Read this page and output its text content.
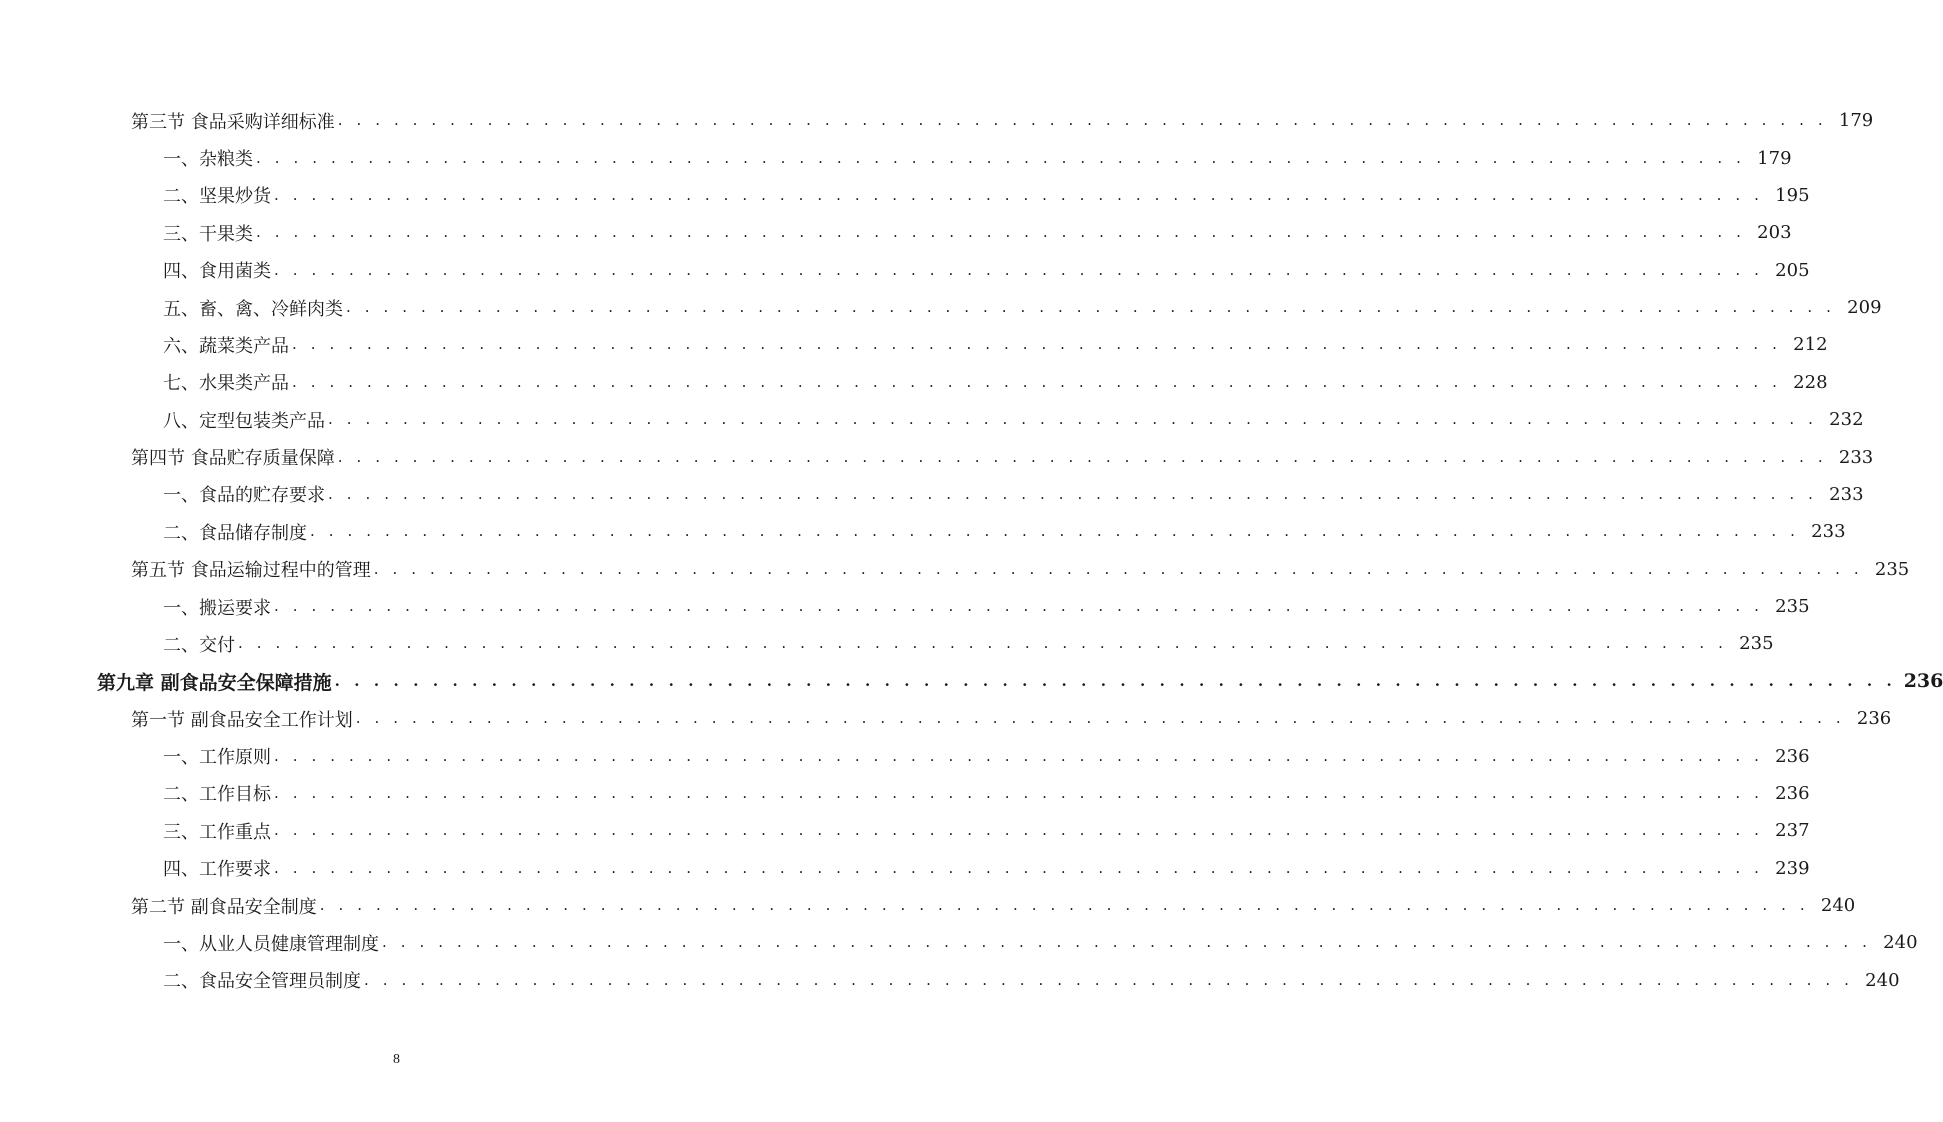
第三节 食品采购详细标准 . . . . . . . . . . . . . . . . . . . . . . . . . . . . . . . . . . . . . . . . . . . . . . . . . . . . . . . . . . . . . . . . . . . . . . . . . . . . . . . . 179
一、杂粮类 . . . . . . . . . . . . . . . . . . . . . . . . . . . . . . . . . . . . . . . . . . . . . . . . . . . . . . . . . . . . . . . . . . . . . . . . . . . . . . . . 179
二、坚果炒货 . . . . . . . . . . . . . . . . . . . . . . . . . . . . . . . . . . . . . . . . . . . . . . . . . . . . . . . . . . . . . . . . . . . . . . . . . . . . . . . . 195
三、干果类 . . . . . . . . . . . . . . . . . . . . . . . . . . . . . . . . . . . . . . . . . . . . . . . . . . . . . . . . . . . . . . . . . . . . . . . . . . . . . . . . 203
四、食用菌类 . . . . . . . . . . . . . . . . . . . . . . . . . . . . . . . . . . . . . . . . . . . . . . . . . . . . . . . . . . . . . . . . . . . . . . . . . . . . . . . . 205
五、畜、禽、冷鲜肉类 . . . . . . . . . . . . . . . . . . . . . . . . . . . . . . . . . . . . . . . . . . . . . . . . . . . . . . . . . . . . . . . . . . . . . . . . . . . . . . . . 209
六、蔬菜类产品 . . . . . . . . . . . . . . . . . . . . . . . . . . . . . . . . . . . . . . . . . . . . . . . . . . . . . . . . . . . . . . . . . . . . . . . . . . . . . . . . 212
七、水果类产品 . . . . . . . . . . . . . . . . . . . . . . . . . . . . . . . . . . . . . . . . . . . . . . . . . . . . . . . . . . . . . . . . . . . . . . . . . . . . . . . . 228
八、定型包装类产品 . . . . . . . . . . . . . . . . . . . . . . . . . . . . . . . . . . . . . . . . . . . . . . . . . . . . . . . . . . . . . . . . . . . . . . . . . . . . . . . . 232
第四节 食品贮存质量保障 . . . . . . . . . . . . . . . . . . . . . . . . . . . . . . . . . . . . . . . . . . . . . . . . . . . . . . . . . . . . . . . . . . . . . . . . . . . . . . . . 233
一、食品的贮存要求 . . . . . . . . . . . . . . . . . . . . . . . . . . . . . . . . . . . . . . . . . . . . . . . . . . . . . . . . . . . . . . . . . . . . . . . . . . . . . . . . 233
二、食品储存制度 . . . . . . . . . . . . . . . . . . . . . . . . . . . . . . . . . . . . . . . . . . . . . . . . . . . . . . . . . . . . . . . . . . . . . . . . . . . . . . . . 233
第五节 食品运输过程中的管理 . . . . . . . . . . . . . . . . . . . . . . . . . . . . . . . . . . . . . . . . . . . . . . . . . . . . . . . . . . . . . . . . . . . . . . . . . . . . . . . . 235
一、搬运要求 . . . . . . . . . . . . . . . . . . . . . . . . . . . . . . . . . . . . . . . . . . . . . . . . . . . . . . . . . . . . . . . . . . . . . . . . . . . . . . . . 235
二、交付 . . . . . . . . . . . . . . . . . . . . . . . . . . . . . . . . . . . . . . . . . . . . . . . . . . . . . . . . . . . . . . . . . . . . . . . . . . . . . . . . 235
第九章 副食品安全保障措施 . . . . . . . . . . . . . . . . . . . . . . . . . . . . . . . . . . . . . . . . . . . . . . . . . . . . . . . . . . . . . . . . . . . . . . . . . . . . . . . . 236
第一节 副食品安全工作计划 . . . . . . . . . . . . . . . . . . . . . . . . . . . . . . . . . . . . . . . . . . . . . . . . . . . . . . . . . . . . . . . . . . . . . . . . . . . . . . . . 236
一、工作原则 . . . . . . . . . . . . . . . . . . . . . . . . . . . . . . . . . . . . . . . . . . . . . . . . . . . . . . . . . . . . . . . . . . . . . . . . . . . . . . . . 236
二、工作目标 . . . . . . . . . . . . . . . . . . . . . . . . . . . . . . . . . . . . . . . . . . . . . . . . . . . . . . . . . . . . . . . . . . . . . . . . . . . . . . . . 236
三、工作重点 . . . . . . . . . . . . . . . . . . . . . . . . . . . . . . . . . . . . . . . . . . . . . . . . . . . . . . . . . . . . . . . . . . . . . . . . . . . . . . . . 237
四、工作要求 . . . . . . . . . . . . . . . . . . . . . . . . . . . . . . . . . . . . . . . . . . . . . . . . . . . . . . . . . . . . . . . . . . . . . . . . . . . . . . . . 239
第二节 副食品安全制度 . . . . . . . . . . . . . . . . . . . . . . . . . . . . . . . . . . . . . . . . . . . . . . . . . . . . . . . . . . . . . . . . . . . . . . . . . . . . . . . . 240
一、从业人员健康管理制度 . . . . . . . . . . . . . . . . . . . . . . . . . . . . . . . . . . . . . . . . . . . . . . . . . . . . . . . . . . . . . . . . . . . . . . . . . . . . . . . . 240
二、食品安全管理员制度 . . . . . . . . . . . . . . . . . . . . . . . . . . . . . . . . . . . . . . . . . . . . . . . . . . . . . . . . . . . . . . . . . . . . . . . . . . . . . . . . 240
8
